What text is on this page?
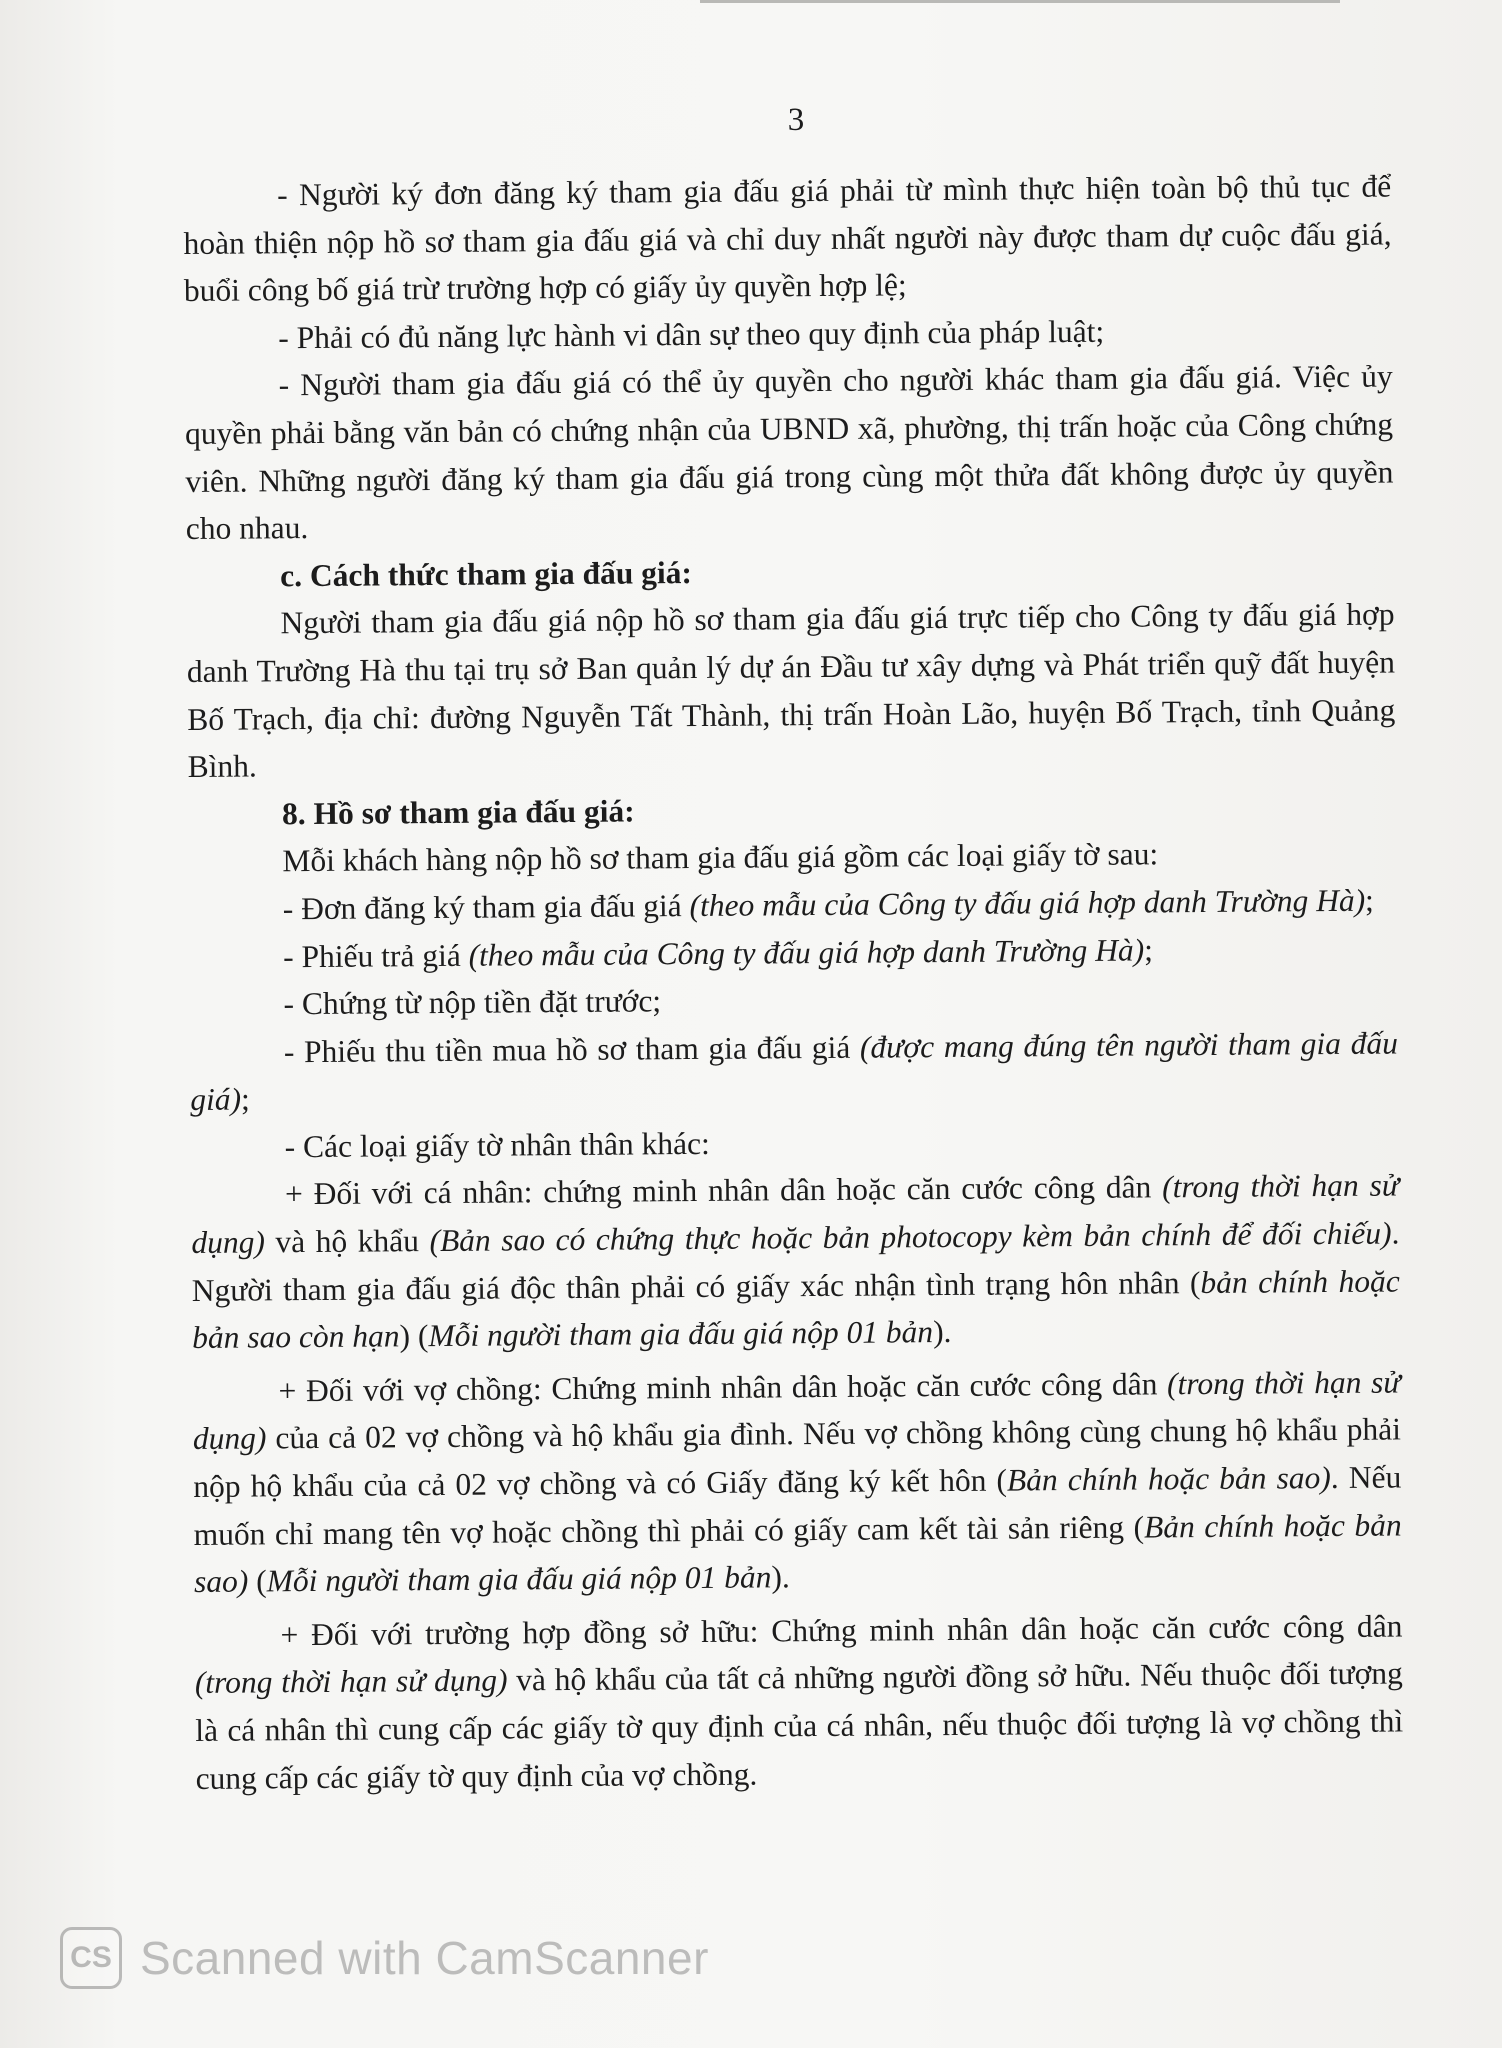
3

- Người ký đơn đăng ký tham gia đấu giá phải từ mình thực hiện toàn bộ thủ tục để hoàn thiện nộp hồ sơ tham gia đấu giá và chỉ duy nhất người này được tham dự cuộc đấu giá, buổi công bố giá trừ trường hợp có giấy ủy quyền hợp lệ;

- Phải có đủ năng lực hành vi dân sự theo quy định của pháp luật;

- Người tham gia đấu giá có thể ủy quyền cho người khác tham gia đấu giá. Việc ủy quyền phải bằng văn bản có chứng nhận của UBND xã, phường, thị trấn hoặc của Công chứng viên. Những người đăng ký tham gia đấu giá trong cùng một thửa đất không được ủy quyền cho nhau.

c. Cách thức tham gia đấu giá:

Người tham gia đấu giá nộp hồ sơ tham gia đấu giá trực tiếp cho Công ty đấu giá hợp danh Trường Hà thu tại trụ sở Ban quản lý dự án Đầu tư xây dựng và Phát triển quỹ đất huyện Bố Trạch, địa chỉ: đường Nguyễn Tất Thành, thị trấn Hoàn Lão, huyện Bố Trạch, tỉnh Quảng Bình.

8. Hồ sơ tham gia đấu giá:

Mỗi khách hàng nộp hồ sơ tham gia đấu giá gồm các loại giấy tờ sau:

- Đơn đăng ký tham gia đấu giá (theo mẫu của Công ty đấu giá hợp danh Trường Hà);

- Phiếu trả giá (theo mẫu của Công ty đấu giá hợp danh Trường Hà);

- Chứng từ nộp tiền đặt trước;

- Phiếu thu tiền mua hồ sơ tham gia đấu giá (được mang đúng tên người tham gia đấu giá);

- Các loại giấy tờ nhân thân khác:

+ Đối với cá nhân: chứng minh nhân dân hoặc căn cước công dân (trong thời hạn sử dụng) và hộ khẩu (Bản sao có chứng thực hoặc bản photocopy kèm bản chính để đối chiếu). Người tham gia đấu giá độc thân phải có giấy xác nhận tình trạng hôn nhân (bản chính hoặc bản sao còn hạn) (Mỗi người tham gia đấu giá nộp 01 bản).

+ Đối với vợ chồng: Chứng minh nhân dân hoặc căn cước công dân (trong thời hạn sử dụng) của cả 02 vợ chồng và hộ khẩu gia đình. Nếu vợ chồng không cùng chung hộ khẩu phải nộp hộ khẩu của cả 02 vợ chồng và có Giấy đăng ký kết hôn (Bản chính hoặc bản sao). Nếu muốn chỉ mang tên vợ hoặc chồng thì phải có giấy cam kết tài sản riêng (Bản chính hoặc bản sao) (Mỗi người tham gia đấu giá nộp 01 bản).

+ Đối với trường hợp đồng sở hữu: Chứng minh nhân dân hoặc căn cước công dân (trong thời hạn sử dụng) và hộ khẩu của tất cả những người đồng sở hữu. Nếu thuộc đối tượng là cá nhân thì cung cấp các giấy tờ quy định của cá nhân, nếu thuộc đối tượng là vợ chồng thì cung cấp các giấy tờ quy định của vợ chồng.

CS Scanned with CamScanner
